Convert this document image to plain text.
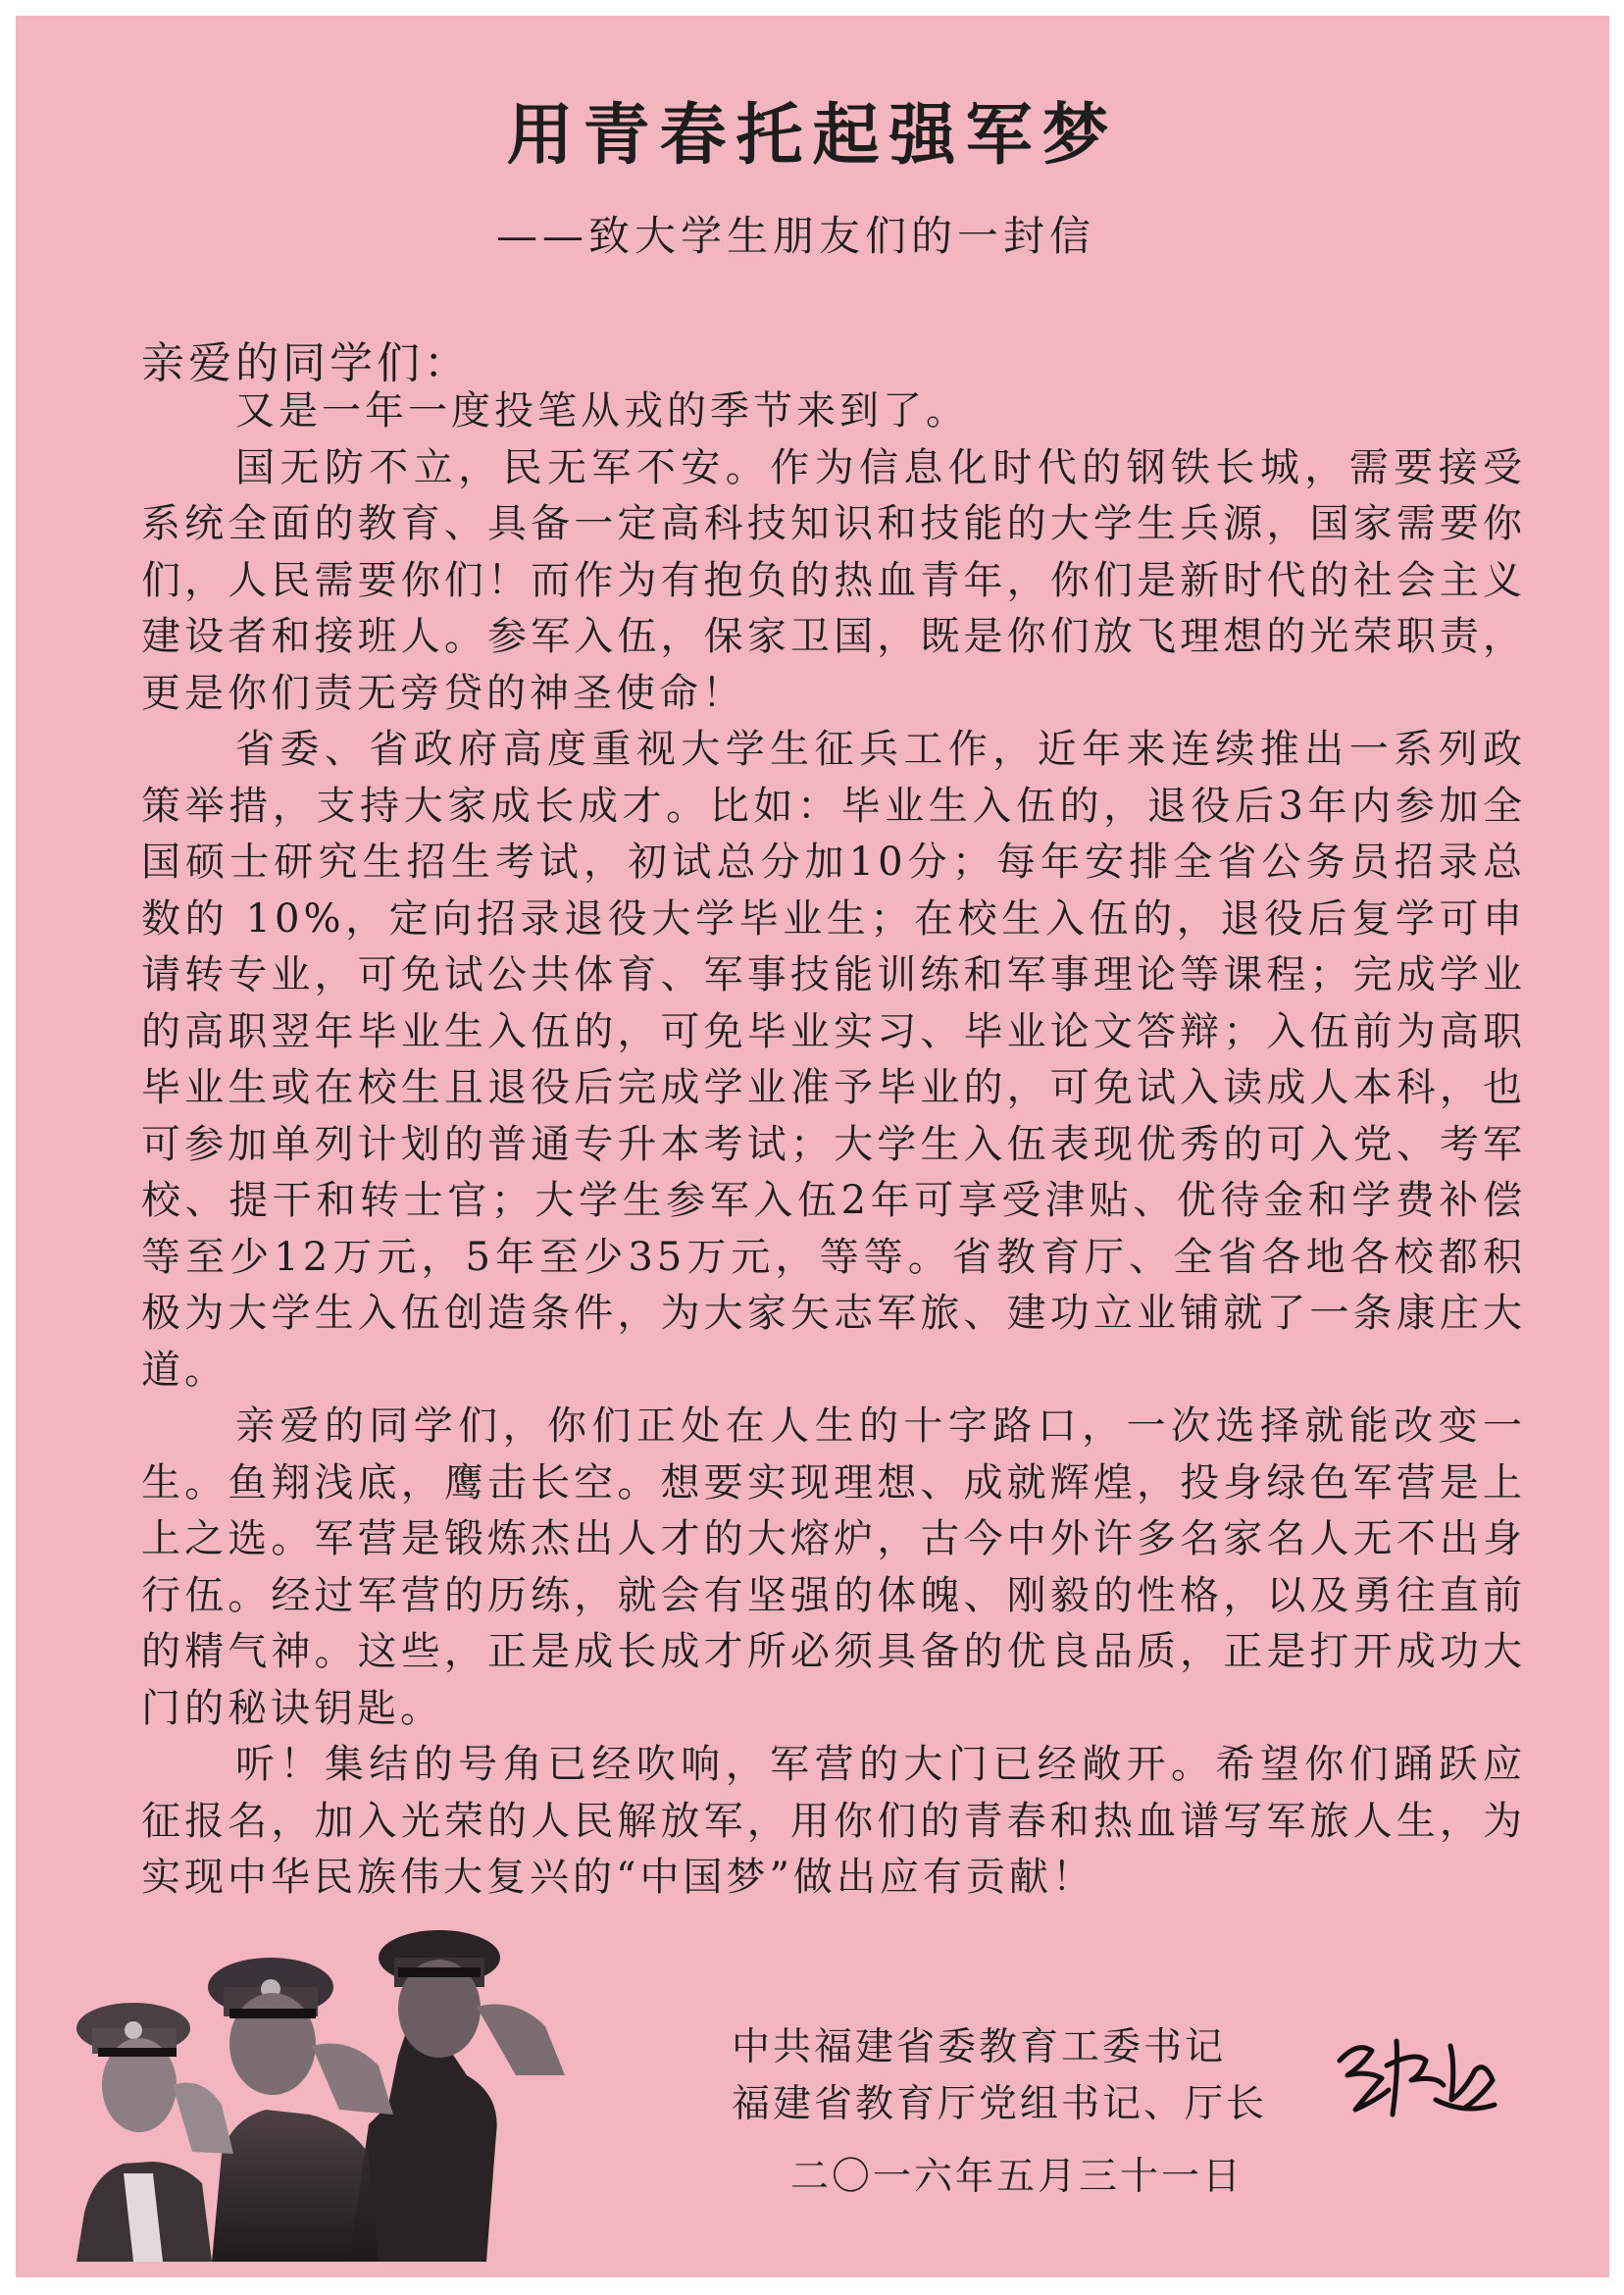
用青春托起强军梦
——致大学生朋友们的一封信
亲爱的同学们：

又是一年一度投笔从戎的季节来到了。

国无防不立，民无军不安。作为信息化时代的钢铁长城，需要接受系统全面的教育、具备一定高科技知识和技能的大学生兵源，国家需要你们，人民需要你们！而作为有抱负的热血青年，你们是新时代的社会主义建设者和接班人。参军入伍，保家卫国，既是你们放飞理想的光荣职责，更是你们责无旁贷的神圣使命！

省委、省政府高度重视大学生征兵工作，近年来连续推出一系列政策举措，支持大家成长成才。比如：毕业生入伍的，退役后3年内参加全国硕士研究生招生考试，初试总分加10分；每年安排全省公务员招录总数的 10%，定向招录退役大学毕业生；在校生入伍的，退役后复学可申请转专业，可免试公共体育、军事技能训练和军事理论等课程；完成学业的高职翌年毕业生入伍的，可免毕业实习、毕业论文答辩；入伍前为高职毕业生或在校生且退役后完成学业准予毕业的，可免试入读成人本科，也可参加单列计划的普通专升本考试；大学生入伍表现优秀的可入党、考军校、提干和转士官；大学生参军入伍2年可享受津贴、优待金和学费补偿等至少12万元，5年至少35万元，等等。省教育厅、全省各地各校都积极为大学生入伍创造条件，为大家矢志军旅、建功立业铺就了一条康庄大道。

亲爱的同学们，你们正处在人生的十字路口，一次选择就能改变一生。鱼翔浅底，鹰击长空。想要实现理想、成就辉煌，投身绿色军营是上上之选。军营是锻炼杰出人才的大熔炉，古今中外许多名家名人无不出身行伍。经过军营的历练，就会有坚强的体魄、刚毅的性格，以及勇往直前的精气神。这些，正是成长成才所必须具备的优良品质，正是打开成功大门的秘诀钥匙。

听！集结的号角已经吹响，军营的大门已经敞开。希望你们踊跃应征报名，加入光荣的人民解放军，用你们的青春和热血谱写军旅人生，为实现中华民族伟大复兴的“中国梦”做出应有贡献！

中共福建省委教育工委书记
福建省教育厅党组书记、厅长
二〇一六年五月三十一日
